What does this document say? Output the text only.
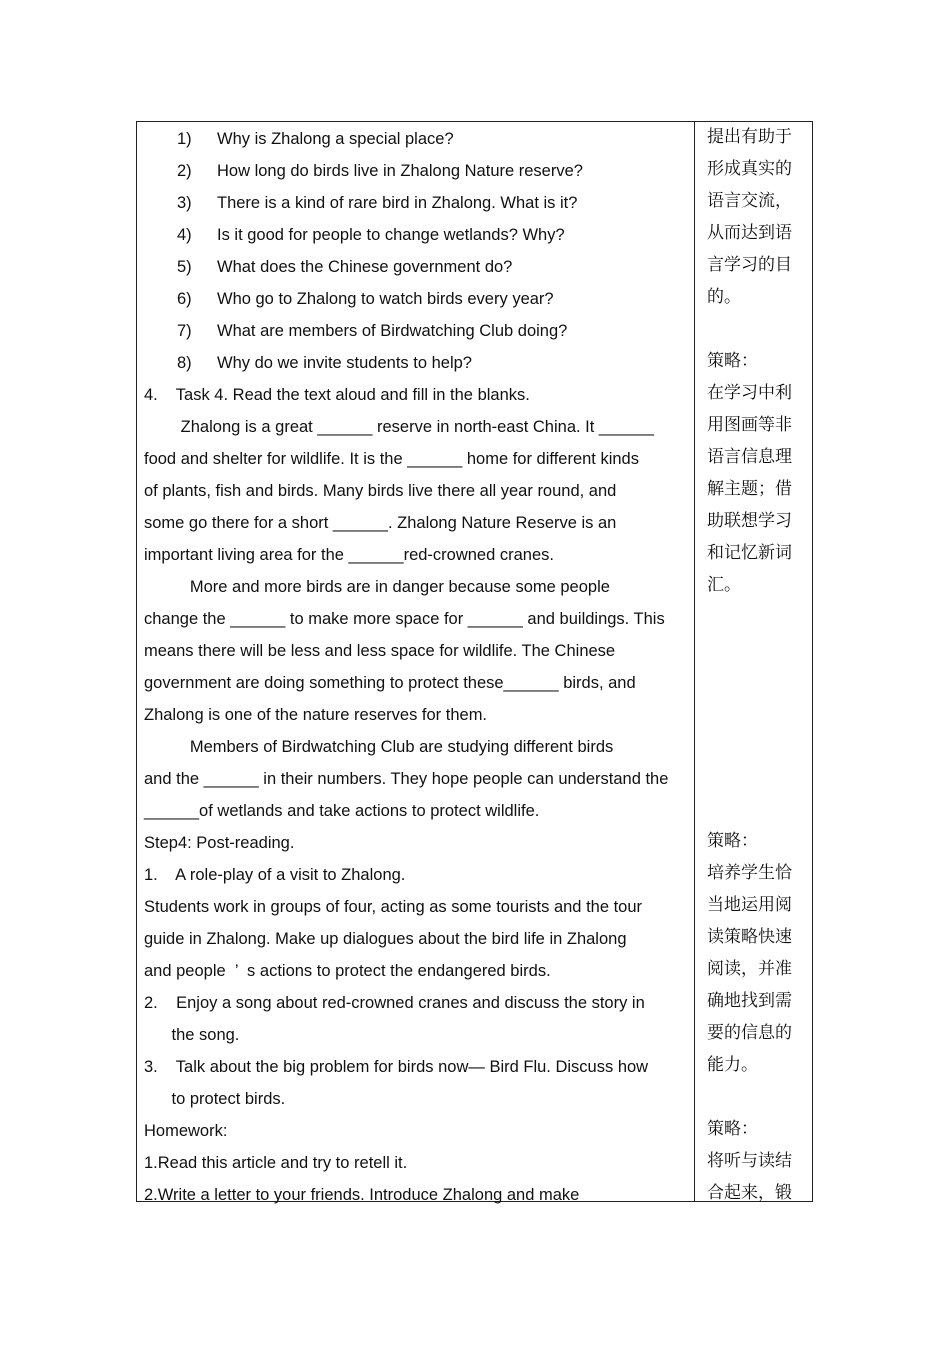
1) Why is Zhalong a special place?
2) How long do birds live in Zhalong Nature reserve?
3) There is a kind of rare bird in Zhalong. What is it?
4) Is it good for people to change wetlands? Why?
5) What does the Chinese government do?
6) Who go to Zhalong to watch birds every year?
7) What are members of Birdwatching Club doing?
8) Why do we invite students to help?
4.    Task 4. Read the text aloud and fill in the blanks.
Zhalong is a great ______ reserve in north-east China. It ______
food and shelter for wildlife. It is the ______ home for different kinds
of plants, fish and birds. Many birds live there all year round, and
some go there for a short ______. Zhalong Nature Reserve is an
important living area for the ______red-crowned cranes.
More and more birds are in danger because some people
change the ______ to make more space for ______ and buildings. This
means there will be less and less space for wildlife. The Chinese
government are doing something to protect these______ birds, and
Zhalong is one of the nature reserves for them.
Members of Birdwatching Club are studying different birds
and the ______ in their numbers. They hope people can understand the
______of wetlands and take actions to protect wildlife.
Step4: Post-reading.
1.    A role-play of a visit to Zhalong.
Students work in groups of four, acting as some tourists and the tour
guide in Zhalong. Make up dialogues about the bird life in Zhalong
and people  ’  s actions to protect the endangered birds.
2.    Enjoy a song about red-crowned cranes and discuss the story in
the song.
3.    Talk about the big problem for birds now— Bird Flu. Discuss how
to protect birds.
Homework:
1.Read this article and try to retell it.
2.Write a letter to your friends. Introduce Zhalong and make
提出有助于
形成真实的
语言交流，
从而达到语
言学习的目
的。
策略：
在学习中利
用图画等非
语言信息理
解主题；借
助联想学习
和记忆新词
汇。
策略：
培养学生恰
当地运用阅
读策略快速
阅读，并准
确地找到需
要的信息的
能力。
策略：
将听与读结
合起来，锻
